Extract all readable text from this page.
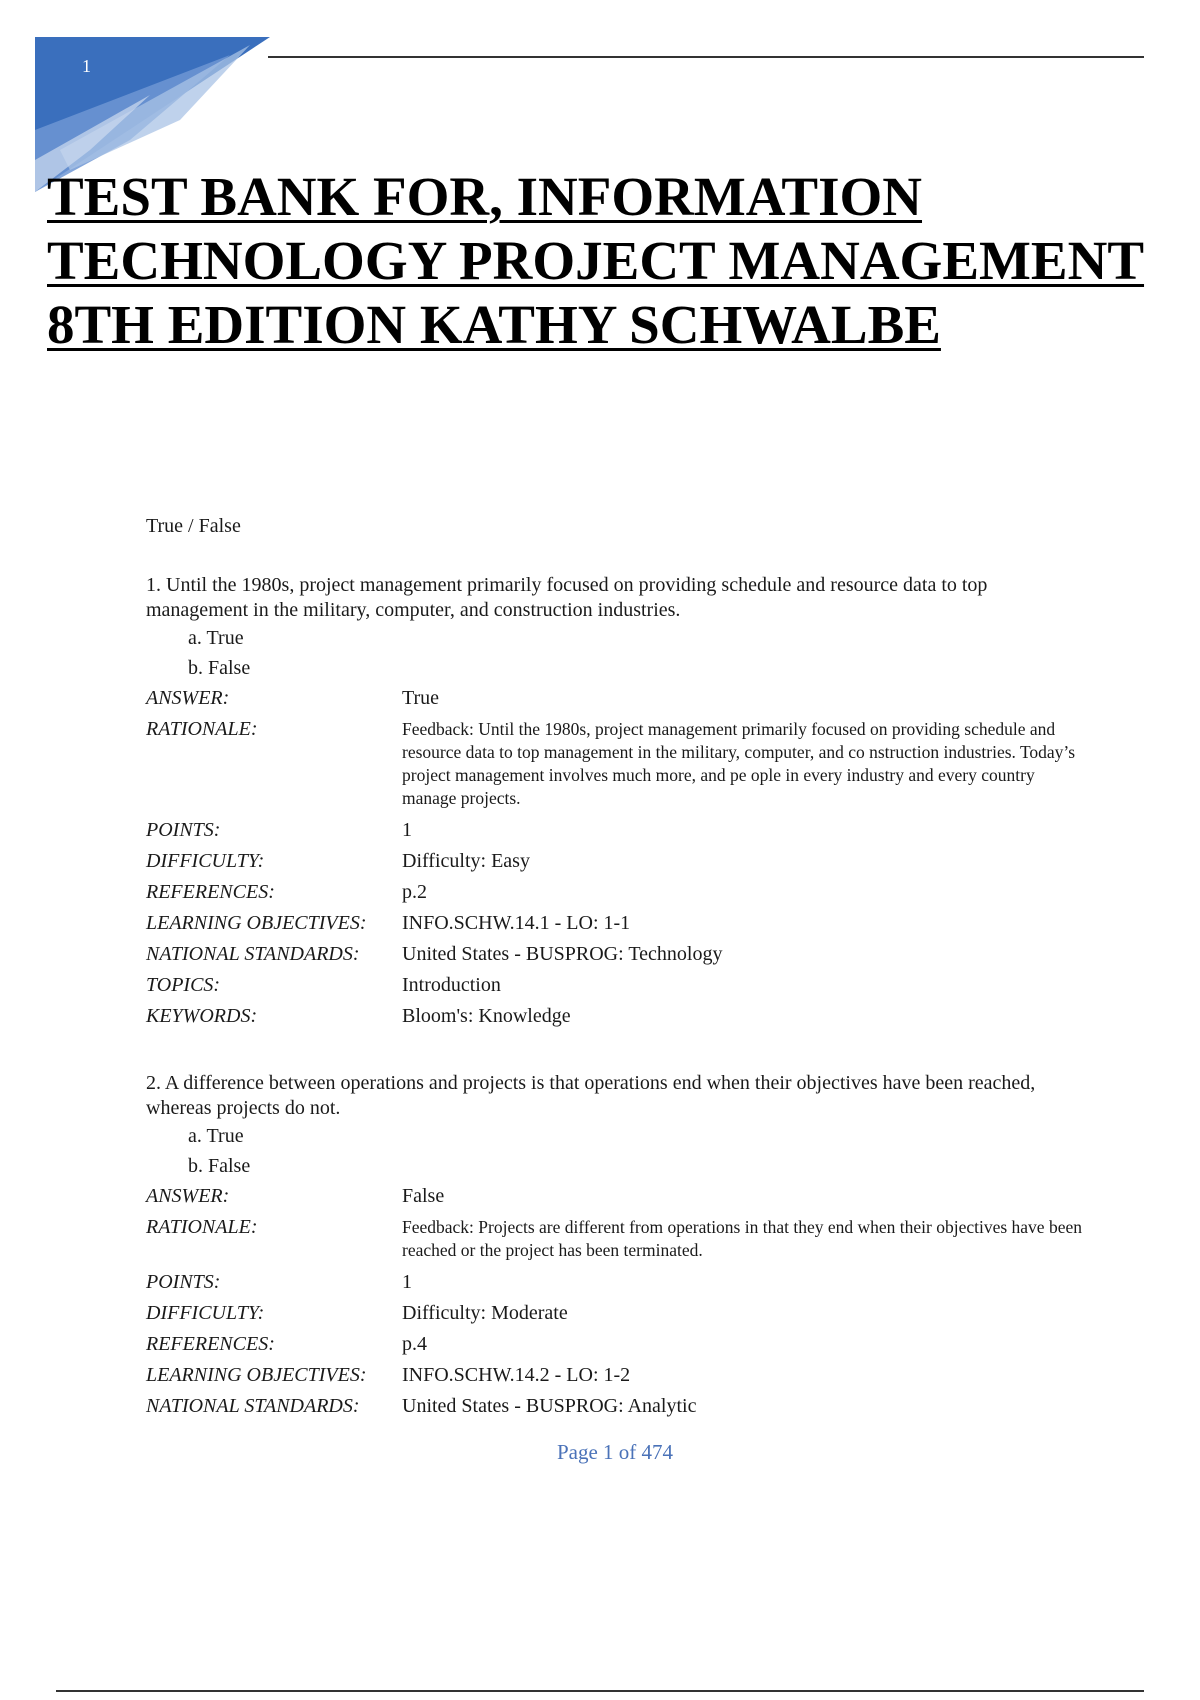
1
TEST BANK FOR, INFORMATION TECHNOLOGY PROJECT MANAGEMENT 8TH EDITION KATHY SCHWALBE
True / False

1. Until the 1980s, project management primarily focused on providing schedule and resource data to top management in the military, computer, and construction industries.

a. True
b. False
ANSWER:	True
RATIONALE:	Feedback: Until the 1980s, project management primarily focused on providing schedule and resource data to top management in the military, computer, and co nstruction industries. Today’s project management involves much more, and pe ople in every industry and every country manage projects.
POINTS:	1
DIFFICULTY:	Difficulty: Easy
REFERENCES:	p.2
LEARNING OBJECTIVES:	INFO.SCHW.14.1 - LO: 1-1
NATIONAL STANDARDS:	United States - BUSPROG: Technology
TOPICS:	Introduction
KEYWORDS:	Bloom's: Knowledge

2. A difference between operations and projects is that operations end when their objectives have been reached, whereas projects do not.

a. True
b. False
ANSWER:	False
RATIONALE:	Feedback: Projects are different from operations in that they end when their objectives have been reached or the project has been terminated.
POINTS:	1
DIFFICULTY:	Difficulty: Moderate
REFERENCES:	p.4
LEARNING OBJECTIVES:	INFO.SCHW.14.2 - LO: 1-2
NATIONAL STANDARDS:	United States - BUSPROG: Analytic
Page 1 of 474
